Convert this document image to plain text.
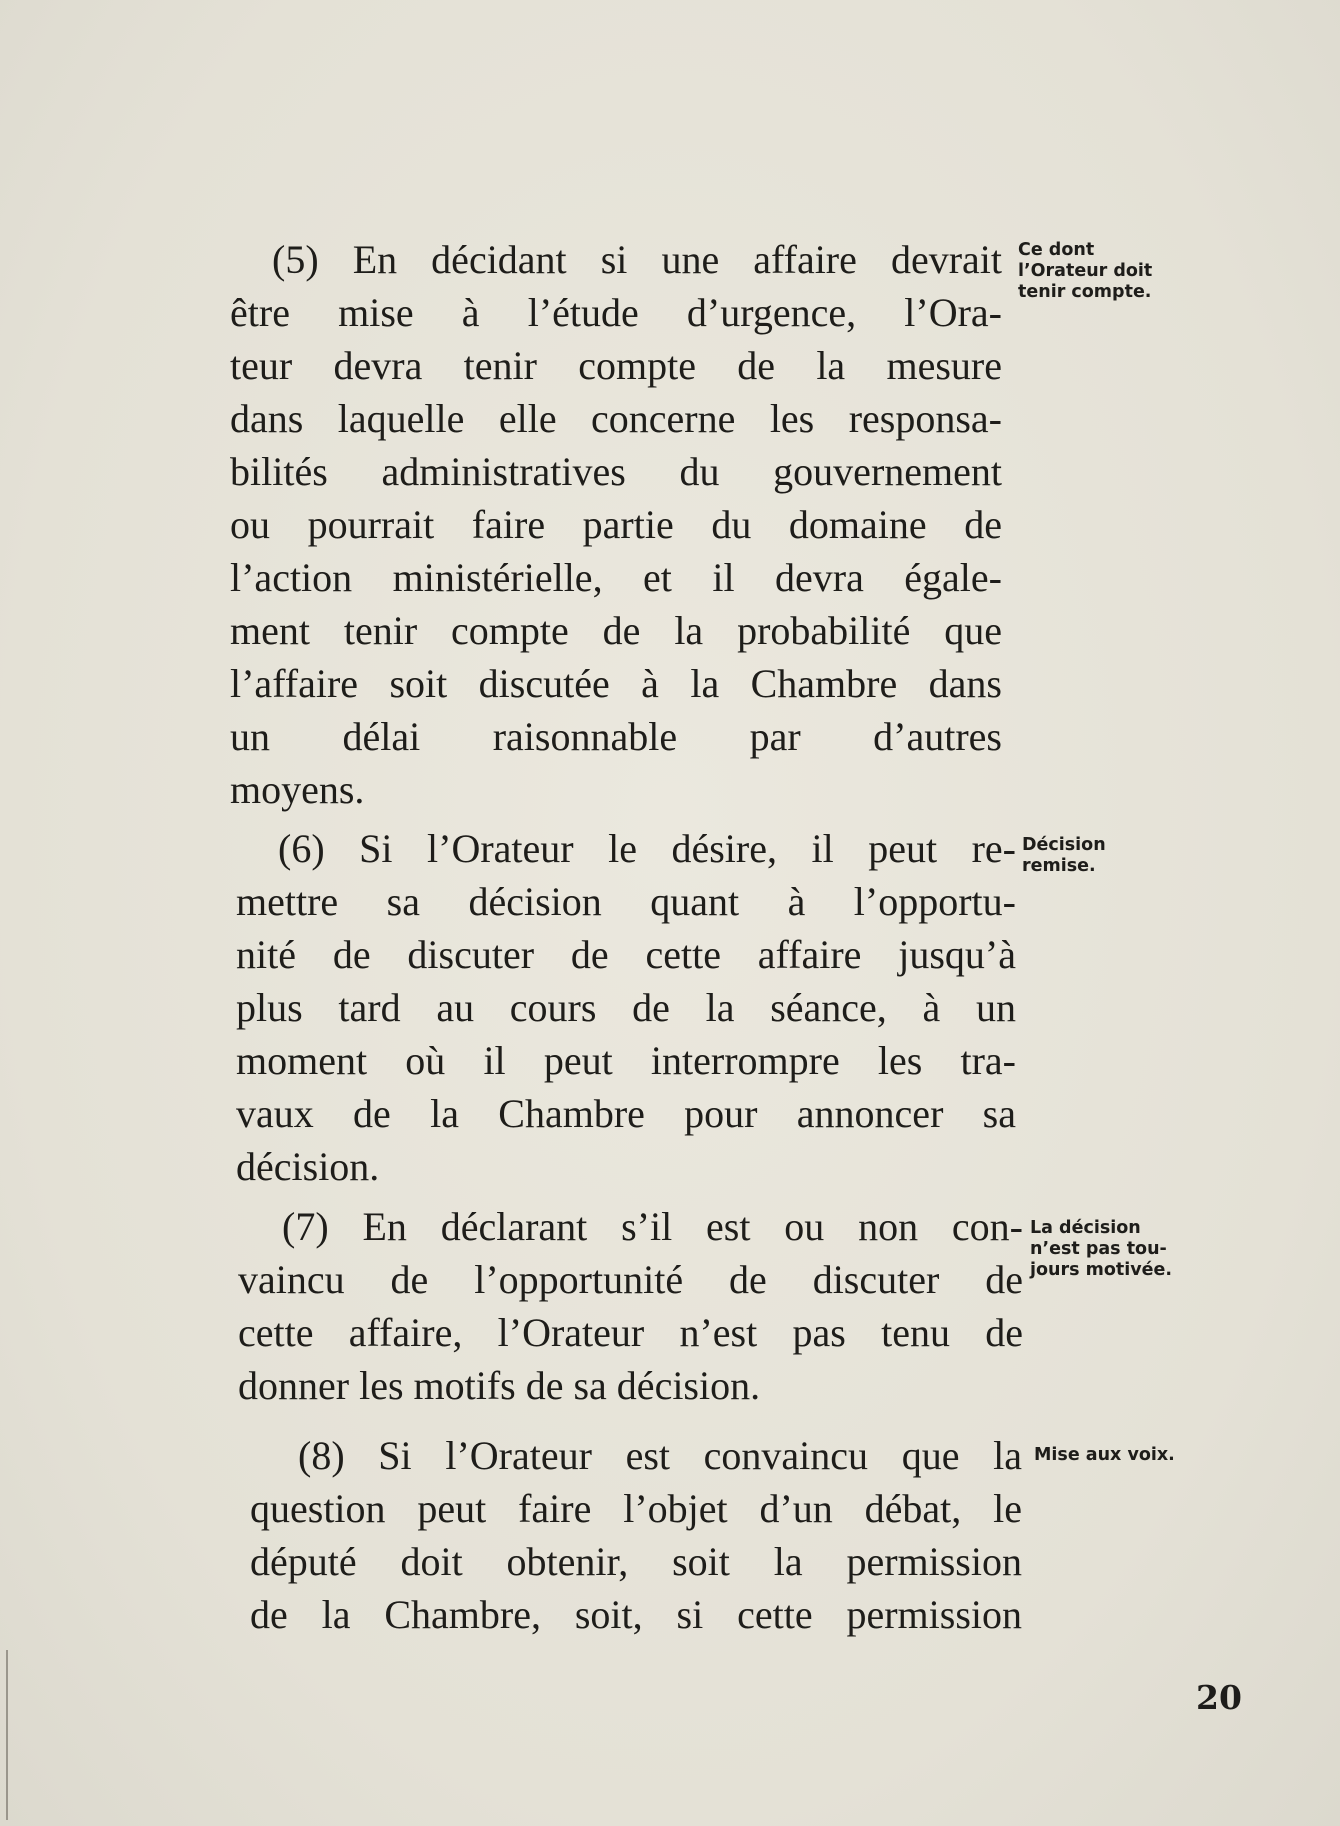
(5) En décidant si une affaire devrait
être mise à l’étude d’urgence, l’Ora-
teur devra tenir compte de la mesure
dans laquelle elle concerne les responsa-
bilités administratives du gouvernement
ou pourrait faire partie du domaine de
l’action ministérielle, et il devra égale-
ment tenir compte de la probabilité que
l’affaire soit discutée à la Chambre dans
un délai raisonnable par d’autres
moyens.
(6) Si l’Orateur le désire, il peut re-
mettre sa décision quant à l’opportu-
nité de discuter de cette affaire jusqu’à
plus tard au cours de la séance, à un
moment où il peut interrompre les tra-
vaux de la Chambre pour annoncer sa
décision.
(7) En déclarant s’il est ou non con-
vaincu de l’opportunité de discuter de
cette affaire, l’Orateur n’est pas tenu de
donner les motifs de sa décision.
(8) Si l’Orateur est convaincu que la
question peut faire l’objet d’un débat, le
député doit obtenir, soit la permission
de la Chambre, soit, si cette permission
Ce dont
l’Orateur doit
tenir compte.
Décision
remise.
La décision
n’est pas tou-
jours motivée.
Mise aux voix.
20
